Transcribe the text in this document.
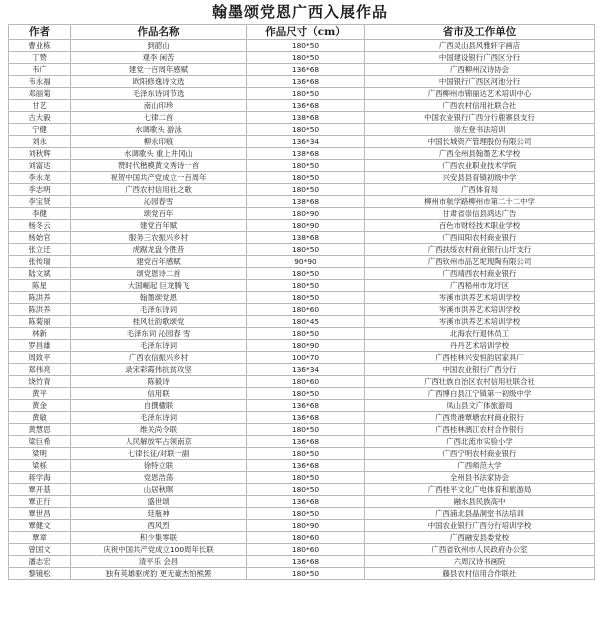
翰墨颂党恩广西入展作品
作者	作品名称	作品尺寸（cm）	省市及工作单位
曹业栋	到韶山	180*50	广西灵山县风雅轩字画店
丁赞	观李 闲苦	180*50	中国建设银行广西区分行
韦广	建党一百周年感赋	136*68	广西柳州汉诗协会
韦永福	欧阳修逸诗文选	136*68	中国银行广西区河池分行
邓丽菊	毛泽东诗词节选	180*50	广西柳州市锦丽达艺术培训中心
甘艺	南山印珍	136*68	广西农村信用社联合社
古大毅	七律二首	138*68	中国农业银行广西分行鹿寨县支行
宁健	水调歌头 游泳	180*50	崇左登书法培训
刘永	柳永印痕	136*34	中国长城资产管理股份有限公司
刘秋辉	水调歌头 重上井冈山	138*68	广西全州县翰墨艺术学校
刘富达	赞时代楷模黄文秀诗一首	180*50	广西农业职业技术学院
李永龙	祝贺中国共产党成立一百周年	180*50	兴安县县育镇初级中学
李志明	广西农村信用社之歌	180*50	广西体育局
李宝贤	沁园春雪	138*68	柳州市航学路柳州市第二十二中学
李健	颂党百年	180*90	甘肃省崇信县鸿达广告
杨冬云	建党百年赋	180*90	百色市财经技术职业学校
杨始官	服务三农振兴乡村	138*68	广西田阳农村商业银行
张立迁	虎踞龙盘今胜昔	180*50	广西扶绥农村商业银行山圩支行
张传瑞	建党百年感赋	90*90	广西钦州市品艺坭现陶有限公司
陆文斌	颂党恩诗二首	180*50	广西靖西农村商业银行
陈星	大国崛起 巨龙腾飞	180*50	广西梧州市龙圩区
陈洪养	翰墨颂党恩	180*50	岑溪市洪养艺术培训学校
陈洪养	毛泽东诗词	180*60	岑溪市洪养艺术培训学校
陈菊丽	桂风壮韵歌颂党	180*45	岑溪市洪养艺术培训学校
林新	毛泽东词 沁园春 雪	180*50	北海农行退休员工
罗昌雄	毛泽东诗词	180*90	丹丹艺术培训学校
周致平	广西农信振兴乡村	100*70	广西桂林兴安恒韵居家具厂
郑伟亮	录宋彩霞伟抗贫攻坚	136*34	中国农业银行广西分行
饶竹青	陈毅诗	180*60	广西壮族自治区农村信用社联合社
黄平	信用联	180*50	广西博白县江宁镇第一初级中学
黄金	自撰楹联	136*68	凤山县文广体旅游局
黄敏	毛泽东诗词	136*68	广西贵港覃塘农村商业银行
黄慧思	维关尚令联	180*50	广西桂林漓江农村合作银行
梁巨希	人民解放军占领南京	136*68	广西北流市实验小学
梁明	七律长征/对联一副	180*50	广西宁明农村商业银行
梁栎	徐特立联	136*68	广西师范大学
蒋学海	党恩浩荡	180*50	全州县书法家协会
覃开基	山居秋暝	180*50	广西桂平文化广电体育和旅游局
覃正行	盛世颂	136*68	融水县民族高中
覃世昌	廷瓶神	180*50	广西浦北县晶洞堂书法培训
覃健文	西风烈	180*90	中国农业银行广西分行培训学校
覃章	积少集零联	180*60	广西融安县委党校
曾国文	庆祝中国共产党成立100周年长联	180*60	广西省钦州市人民政府办公室
潘志宏	清平乐 会昌	136*68	六周汉诗书画院
黎镜松	独有英雄驱虎豹 更无豪杰怕熊罴	180*50	藤县农村信用合作联社
